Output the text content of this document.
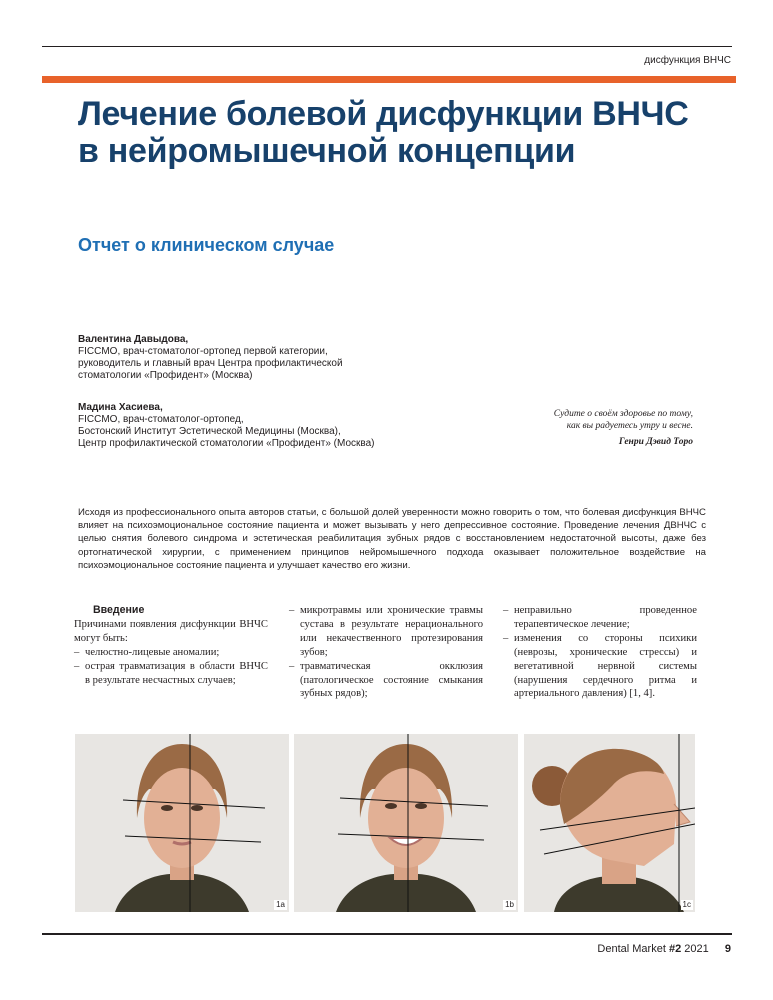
дисфункция ВНЧС
Лечение болевой дисфункции ВНЧС в нейромышечной концепции
Отчет о клиническом случае
Валентина Давыдова,
FICCMO, врач-стоматолог-ортопед первой категории,
руководитель и главный врач Центра профилактической
стоматологии «Профидент» (Москва)
Мадина Хасиева,
FICCMO, врач-стоматолог-ортопед,
Бостонский Институт Эстетической Медицины (Москва),
Центр профилактической стоматологии «Профидент» (Москва)
Судите о своём здоровье по тому,
как вы радуетесь утру и весне.
Генри Дэвид Торо

Исходя из профессионального опыта авторов статьи, с большой долей уверенности можно говорить о том, что болевая дисфункция ВНЧС влияет на психоэмоциональное состояние пациента и может вызывать у него депрессивное состояние. Проведение лечения ДВНЧС с целью снятия болевого синдрома и эстетическая реабилитация зубных рядов с восстановлением недостаточной высоты, даже без ортогнатической хирургии, с применением принципов нейромышечного подхода оказывает положительное воздействие на психоэмоциональное состояние пациента и улучшает качество его жизни.

Введение

Причинами появления дисфункции ВНЧС могут быть:

– челюстно-лицевые аномалии;
– острая травматизация в области ВНЧС в результате несчастных случаев;
– микротравмы или хронические травмы сустава в результате нерационального или некачественного протезирования зубов;
– травматическая окклюзия (патологическое состояние смыкания зубных рядов);
– неправильно проведенное терапевтическое лечение;
– изменения со стороны психики (неврозы, хронические стрессы) и вегетативной нервной системы (нарушения сердечного ритма и артериального давления) [1, 4].
1a	1b	1c
Dental Market #2 2021 9
